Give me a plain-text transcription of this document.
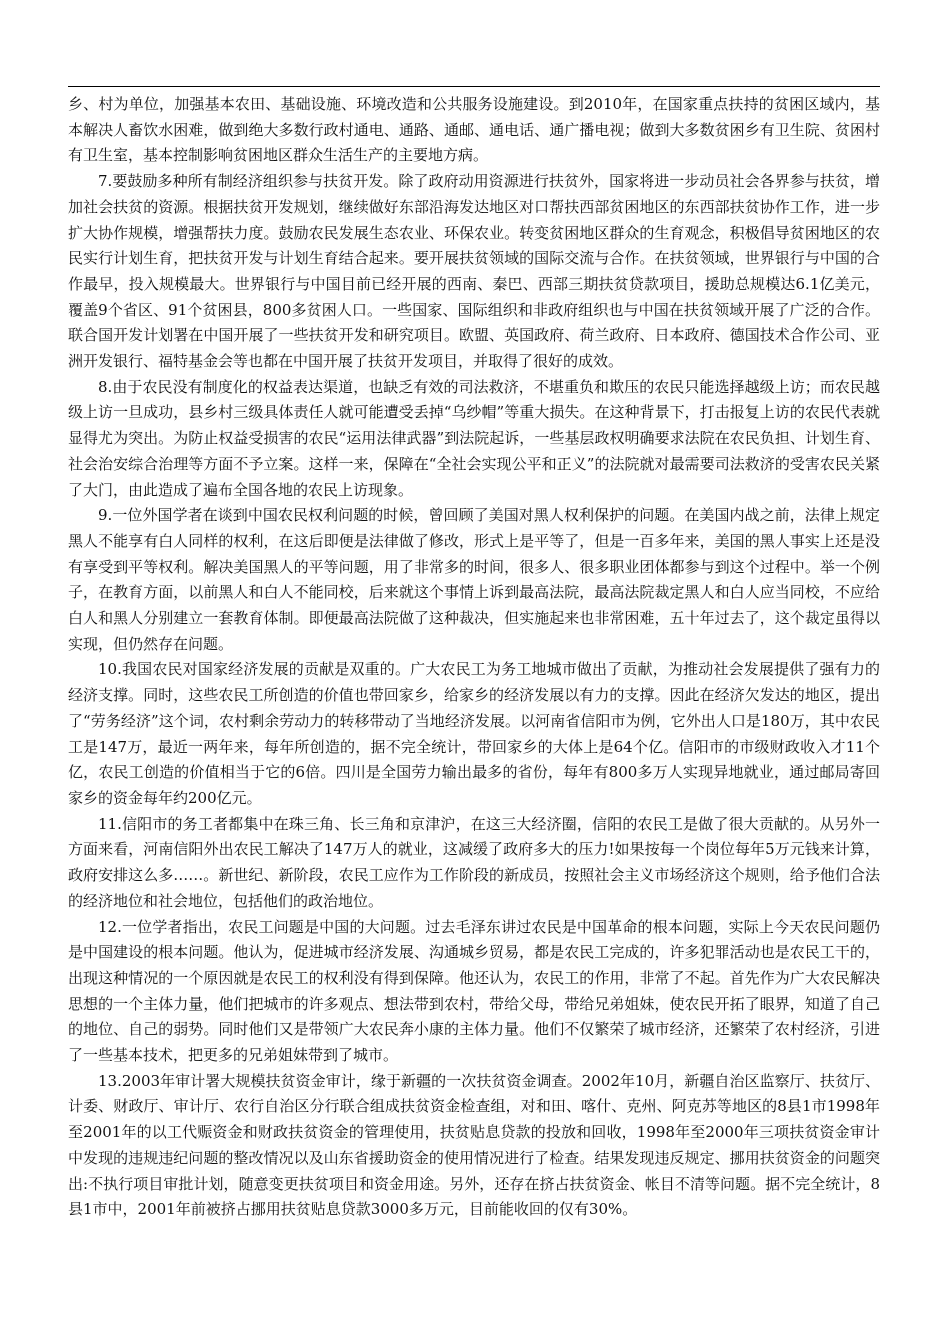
乡、村为单位，加强基本农田、基础设施、环境改造和公共服务设施建设。到2010年，在国家重点扶持的贫困区域内，基本解决人畜饮水困难，做到绝大多数行政村通电、通路、通邮、通电话、通广播电视；做到大多数贫困乡有卫生院、贫困村有卫生室，基本控制影响贫困地区群众生活生产的主要地方病。

7.要鼓励多种所有制经济组织参与扶贫开发。除了政府动用资源进行扶贫外，国家将进一步动员社会各界参与扶贫，增加社会扶贫的资源。根据扶贫开发规划，继续做好东部沿海发达地区对口帮扶西部贫困地区的东西部扶贫协作工作，进一步扩大协作规模，增强帮扶力度。鼓励农民发展生态农业、环保农业。转变贫困地区群众的生育观念，积极倡导贫困地区的农民实行计划生育，把扶贫开发与计划生育结合起来。要开展扶贫领域的国际交流与合作。在扶贫领域，世界银行与中国的合作最早，投入规模最大。世界银行与中国目前已经开展的西南、秦巴、西部三期扶贫贷款项目，援助总规模达6.1亿美元，覆盖9个省区、91个贫困县，800多贫困人口。一些国家、国际组织和非政府组织也与中国在扶贫领域开展了广泛的合作。联合国开发计划署在中国开展了一些扶贫开发和研究项目。欧盟、英国政府、荷兰政府、日本政府、德国技术合作公司、亚洲开发银行、福特基金会等也都在中国开展了扶贫开发项目，并取得了很好的成效。

8.由于农民没有制度化的权益表达渠道，也缺乏有效的司法救济，不堪重负和欺压的农民只能选择越级上访；而农民越级上访一旦成功，县乡村三级具体责任人就可能遭受丢掉“乌纱帽”等重大损失。在这种背景下，打击报复上访的农民代表就显得尤为突出。为防止权益受损害的农民“运用法律武器”到法院起诉，一些基层政权明确要求法院在农民负担、计划生育、社会治安综合治理等方面不予立案。这样一来，保障在“全社会实现公平和正义”的法院就对最需要司法救济的受害农民关紧了大门，由此造成了遍布全国各地的农民上访现象。

9.一位外国学者在谈到中国农民权利问题的时候，曾回顾了美国对黑人权利保护的问题。在美国内战之前，法律上规定黑人不能享有白人同样的权利，在这后即便是法律做了修改，形式上是平等了，但是一百多年来，美国的黑人事实上还是没有享受到平等权利。解决美国黑人的平等问题，用了非常多的时间，很多人、很多职业团体都参与到这个过程中。举一个例子，在教育方面，以前黑人和白人不能同校，后来就这个事情上诉到最高法院，最高法院裁定黑人和白人应当同校，不应给白人和黑人分别建立一套教育体制。即便最高法院做了这种裁决，但实施起来也非常困难，五十年过去了，这个裁定虽得以实现，但仍然存在问题。

10.我国农民对国家经济发展的贡献是双重的。广大农民工为务工地城市做出了贡献，为推动社会发展提供了强有力的经济支撑。同时，这些农民工所创造的价值也带回家乡，给家乡的经济发展以有力的支撑。因此在经济欠发达的地区，提出了“劳务经济”这个词，农村剩余劳动力的转移带动了当地经济发展。以河南省信阳市为例，它外出人口是180万，其中农民工是147万，最近一两年来，每年所创造的，据不完全统计，带回家乡的大体上是64个亿。信阳市的市级财政收入才11个亿，农民工创造的价值相当于它的6倍。四川是全国劳力输出最多的省份，每年有800多万人实现异地就业，通过邮局寄回家乡的资金每年约200亿元。

11.信阳市的务工者都集中在珠三角、长三角和京津沪，在这三大经济圈，信阳的农民工是做了很大贡献的。从另外一方面来看，河南信阳外出农民工解决了147万人的就业，这减缓了政府多大的压力!如果按每一个岗位每年5万元钱来计算，政府安排这么多……。新世纪、新阶段，农民工应作为工作阶段的新成员，按照社会主义市场经济这个规则，给予他们合法的经济地位和社会地位，包括他们的政治地位。

12.一位学者指出，农民工问题是中国的大问题。过去毛泽东讲过农民是中国革命的根本问题，实际上今天农民问题仍是中国建设的根本问题。他认为，促进城市经济发展、沟通城乡贸易，都是农民工完成的，许多犯罪活动也是农民工干的，出现这种情况的一个原因就是农民工的权利没有得到保障。他还认为，农民工的作用，非常了不起。首先作为广大农民解决思想的一个主体力量，他们把城市的许多观点、想法带到农村，带给父母，带给兄弟姐妹，使农民开拓了眼界，知道了自己的地位、自己的弱势。同时他们又是带领广大农民奔小康的主体力量。他们不仅繁荣了城市经济，还繁荣了农村经济，引进了一些基本技术，把更多的兄弟姐妹带到了城市。

13.2003年审计署大规模扶贫资金审计，缘于新疆的一次扶贫资金调查。2002年10月，新疆自治区监察厅、扶贫厅、计委、财政厅、审计厅、农行自治区分行联合组成扶贫资金检查组，对和田、喀什、克州、阿克苏等地区的8县1市1998年至2001年的以工代赈资金和财政扶贫资金的管理使用，扶贫贴息贷款的投放和回收，1998年至2000年三项扶贫资金审计中发现的违规违纪问题的整改情况以及山东省援助资金的使用情况进行了检查。结果发现违反规定、挪用扶贫资金的问题突出:不执行项目审批计划，随意变更扶贫项目和资金用途。另外，还存在挤占扶贫资金、帐目不清等问题。据不完全统计，8县1市中，2001年前被挤占挪用扶贫贴息贷款3000多万元，目前能收回的仅有30%。
